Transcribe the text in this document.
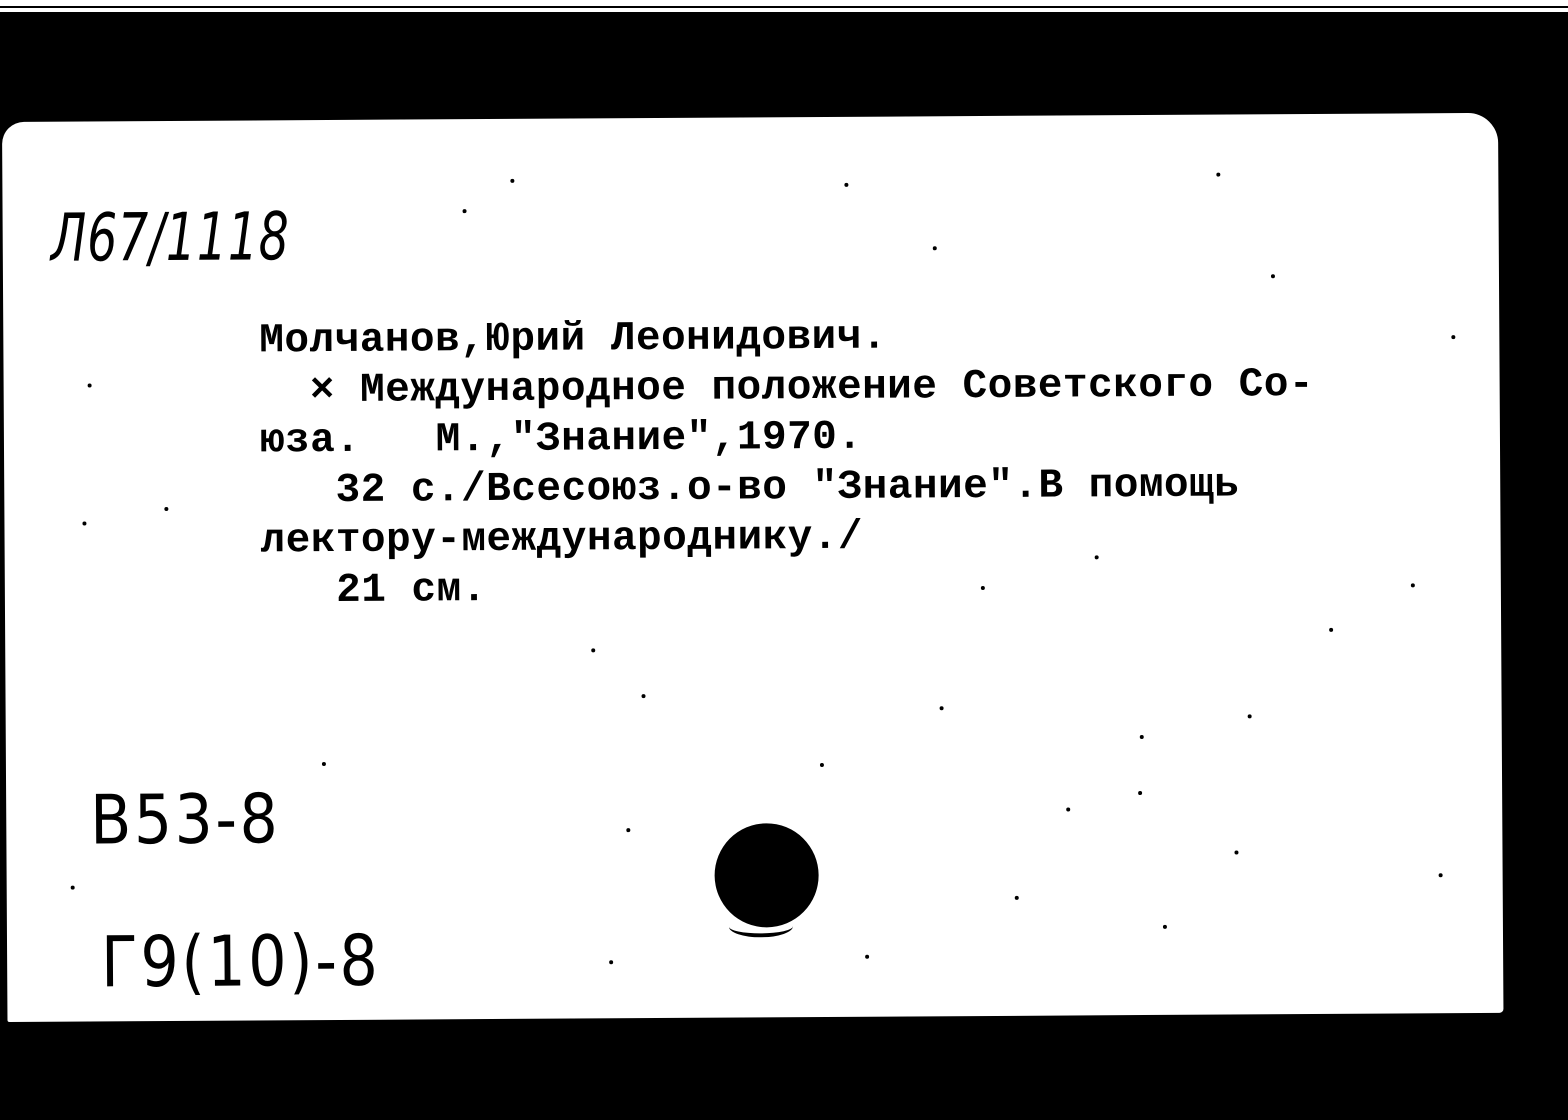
Л67/1118
Молчанов,Юрий Леонидович.
× Международное положение Советского Со-
юза.   М.,"Знание",1970.
32 с./Всесоюз.о-во "Знание".В помощь
лектору-международнику./
21 см.
В53-8
Г9(10)-8
